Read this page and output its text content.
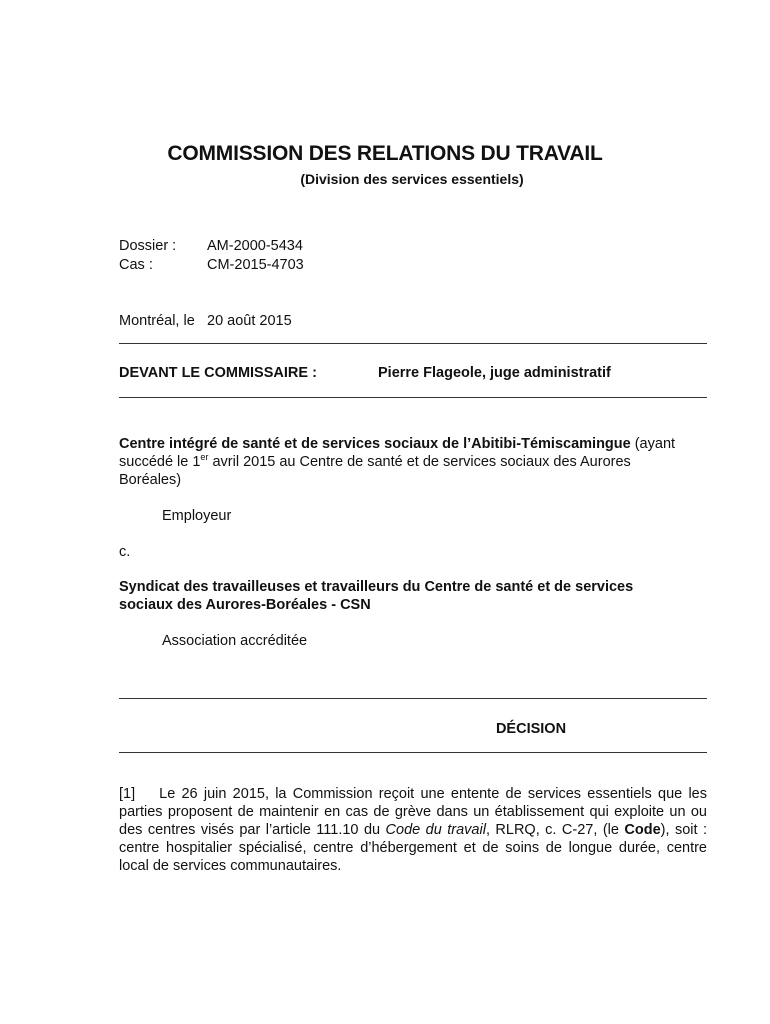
COMMISSION DES RELATIONS DU TRAVAIL
(Division des services essentiels)
Dossier : AM-2000-5434
Cas :	CM-2015-4703
Montréal, le 20 août 2015
DEVANT LE COMMISSAIRE :	Pierre Flageole, juge administratif
Centre intégré de santé et de services sociaux de l’Abitibi-Témiscamingue (ayant
succédé le 1er avril 2015 au Centre de santé et de services sociaux des Aurores
Boréales)
Employeur
c.
Syndicat des travailleuses et travailleurs du Centre de santé et de services
sociaux des Aurores-Boréales - CSN
Association accréditée
DÉCISION
[1] Le 26 juin 2015, la Commission reçoit une entente de services essentiels que les parties proposent de maintenir en cas de grève dans un établissement qui exploite un ou des centres visés par l’article 111.10 du Code du travail, RLRQ, c. C-27, (le Code), soit : centre hospitalier spécialisé, centre d’hébergement et de soins de longue durée, centre local de services communautaires.
